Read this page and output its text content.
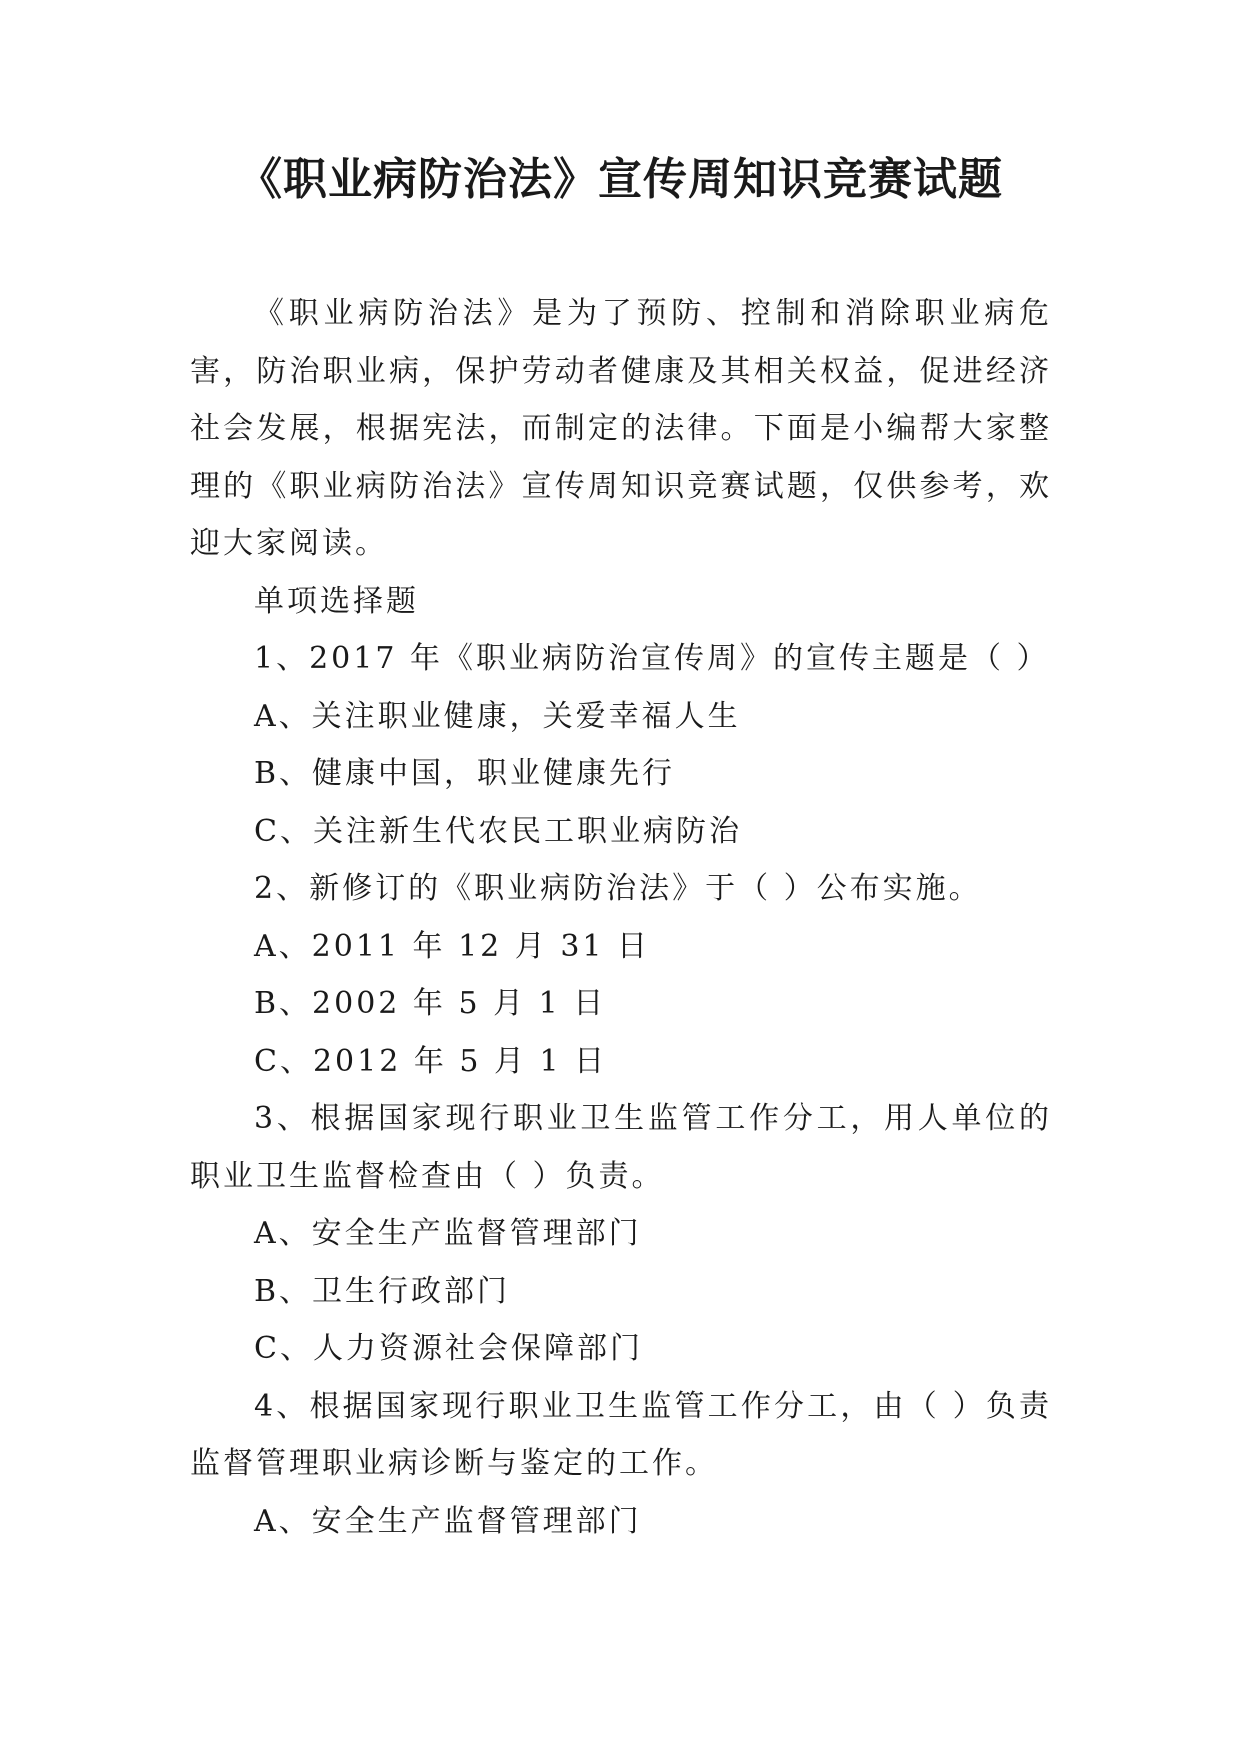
《职业病防治法》宣传周知识竞赛试题

《职业病防治法》是为了预防、控制和消除职业病危害，防治职业病，保护劳动者健康及其相关权益，促进经济社会发展，根据宪法，而制定的法律。下面是小编帮大家整理的《职业病防治法》宣传周知识竞赛试题，仅供参考，欢迎大家阅读。

单项选择题

1、2017 年《职业病防治宣传周》的宣传主题是（ ）

A、关注职业健康，关爱幸福人生

B、健康中国，职业健康先行

C、关注新生代农民工职业病防治

2、新修订的《职业病防治法》于（ ）公布实施。

A、2011 年 12 月 31 日

B、2002 年 5 月 1 日

C、2012 年 5 月 1 日

3、根据国家现行职业卫生监管工作分工，用人单位的职业卫生监督检查由（ ）负责。

A、安全生产监督管理部门

B、卫生行政部门

C、人力资源社会保障部门

4、根据国家现行职业卫生监管工作分工，由（ ）负责监督管理职业病诊断与鉴定的工作。

A、安全生产监督管理部门
